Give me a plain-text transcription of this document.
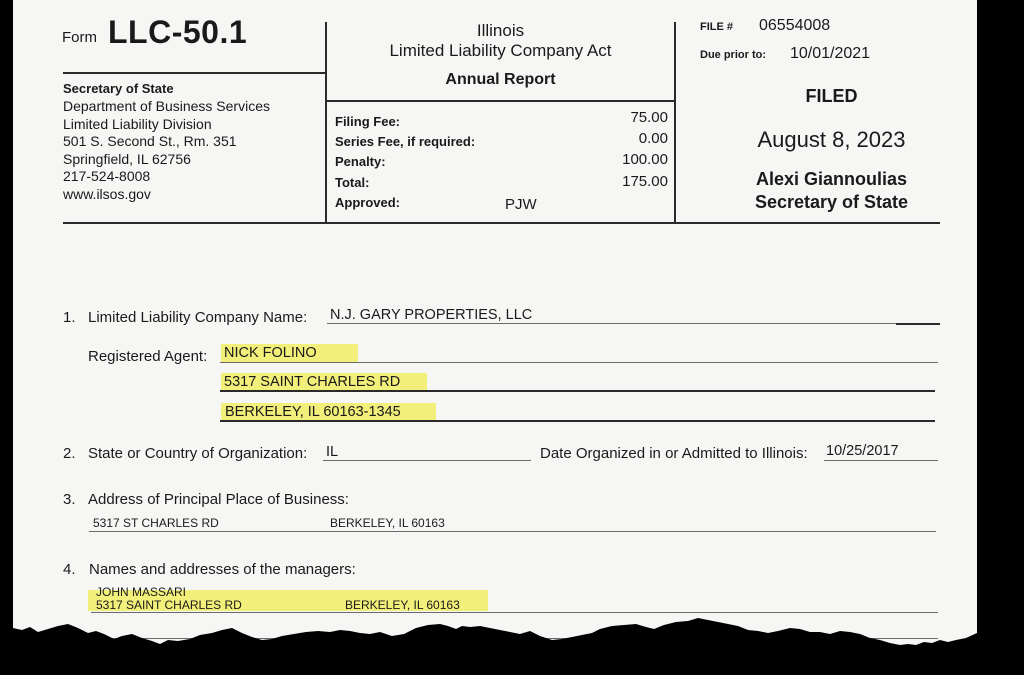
Form LLC-50.1
Secretary of State
Department of Business Services
Limited Liability Division
501 S. Second St., Rm. 351
Springfield, IL 62756
217-524-8008
www.ilsos.gov
Illinois
Limited Liability Company Act
Annual Report
Filing Fee:	75.00
Series Fee, if required:	0.00
Penalty:	100.00
Total:	175.00
Approved:	PJW
FILE # 06554008
Due prior to: 10/01/2021
FILED
August 8, 2023
Alexi Giannoulias
Secretary of State
1. Limited Liability Company Name: N.J. GARY PROPERTIES, LLC
Registered Agent: NICK FOLINO
5317 SAINT CHARLES RD
BERKELEY, IL 60163-1345
2. State or Country of Organization: IL	Date Organized in or Admitted to Illinois: 10/25/2017
3. Address of Principal Place of Business:
5317 ST CHARLES RD	BERKELEY, IL 60163
4. Names and addresses of the managers:
JOHN MASSARI
5317 SAINT CHARLES RD	BERKELEY, IL 60163
